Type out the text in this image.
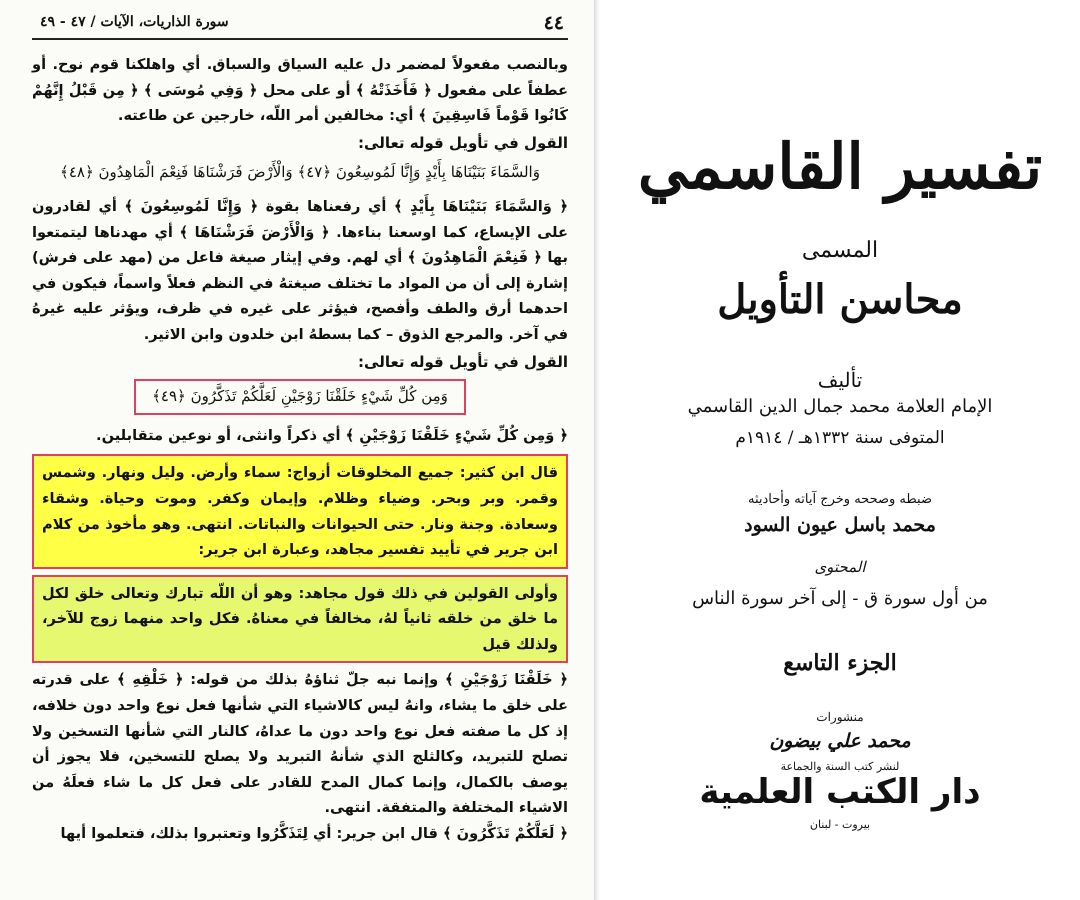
٤٤
سورة الذاريات، الآيات / ٤٧ - ٤٩

وبالنصب مفعولاً لمضمر دل عليه السياق والسباق. أي واهلكنا قوم نوح. أو عطفاً على مفعول ﴿ فَأَخَذَتْهُ ﴾ أو على محل ﴿ وَفِي مُوسَى ﴾ ﴿ مِن قَبْلُ إِنَّهُمْ كَانُوا قَوْماً فَاسِقِينَ ﴾ أي: مخالفين أمر اللّه، خارجين عن طاعته.

القول في تأويل قوله تعالى:

وَالسَّمَاءَ بَنَيْنَاهَا بِأَيْدٍ وَإِنَّا لَمُوسِعُونَ ﴿٤٧﴾ وَالْأَرْضَ فَرَشْنَاهَا فَنِعْمَ الْمَاهِدُونَ ﴿٤٨﴾

﴿ وَالسَّمَاءَ بَنَيْنَاهَا بِأَيْدٍ ﴾ أي رفعناها بقوة ﴿ وَإِنَّا لَمُوسِعُونَ ﴾ أي لقادرون على الإيساع، كما اوسعنا بناءها. ﴿ وَالْأَرْضَ فَرَشْنَاهَا ﴾ أي مهدناها ليتمتعوا بها ﴿ فَنِعْمَ الْمَاهِدُونَ ﴾ أي لهم. وفي إيثار صيغة فاعل من (مهد على فرش) إشارة إلى أن من المواد ما تختلف صيغتهُ في النظم فعلاً واسماً، فيكون في احدهما أرق والطف وأفصح، فيؤثر على غيره في ظرف، ويؤثر عليه غيرهُ في آخر. والمرجع الذوق – كما بسطهُ ابن خلدون وابن الاثير.

القول في تأويل قوله تعالى:

وَمِن كُلِّ شَيْءٍ خَلَقْنَا زَوْجَيْنِ لَعَلَّكُمْ تَذَكَّرُونَ ﴿٤٩﴾

﴿ وَمِن كُلِّ شَيْءٍ خَلَقْنَا زَوْجَيْنِ ﴾ أي ذكراً وانثى، أو نوعين متقابلين.

قال ابن كثير: جميع المخلوقات أزواج: سماء وأرض. وليل ونهار. وشمس وقمر. وبر وبحر. وضياء وظلام. وإيمان وكفر. وموت وحياة. وشقاء وسعادة. وجنة ونار. حتى الحيوانات والنباتات. انتهى. وهو مأخوذ من كلام ابن جرير في تأييد تفسير مجاهد، وعبارة ابن جرير:

وأولى القولين في ذلك قول مجاهد: وهو أن اللّه تبارك وتعالى خلق لكل ما خلق من خلقه ثانياً لهُ، مخالفاً في معناهُ. فكل واحد منهما زوج للآخر، ولذلك قيل

﴿ خَلَقْنَا زَوْجَيْنِ ﴾ وإنما نبه جلّ ثناؤهُ بذلك من قوله: ﴿ خَلْقِهِ ﴾ على قدرته على خلق ما يشاء، وانهُ ليس كالاشياء التي شأنها فعل نوع واحد دون خلافه، إذ كل ما صفته فعل نوع واحد دون ما عداهُ، كالنار التي شأنها التسخين ولا تصلح للتبريد، وكالثلج الذي شأنهُ التبريد ولا يصلح للتسخين، فلا يجوز أن يوصف بالكمال، وإنما كمال المدح للقادر على فعل كل ما شاء فعلَهُ من الاشياء المختلفة والمتفقة. انتهى.

﴿ لَعَلَّكُمْ تَذَكَّرُونَ ﴾ قال ابن جرير: أي لِتَذَكَّرُوا وتعتبروا بذلك، فتعلموا أيها

تفسير القاسمي
المسمى
محاسن التأويل
تأليف
الإمام العلامة محمد جمال الدين القاسمي
المتوفى سنة ١٣٣٢هـ / ١٩١٤م
ضبطه وصححه وخرج آياته وأحاديثه
محمد باسل عيون السود
المحتوى
من أول سورة ق - إلى آخر سورة الناس
الجزء التاسع
منشورات
محمد علي بيضون
لنشر كتب السنة والجماعة
دار الكتب العلمية
بيروت - لبنان
